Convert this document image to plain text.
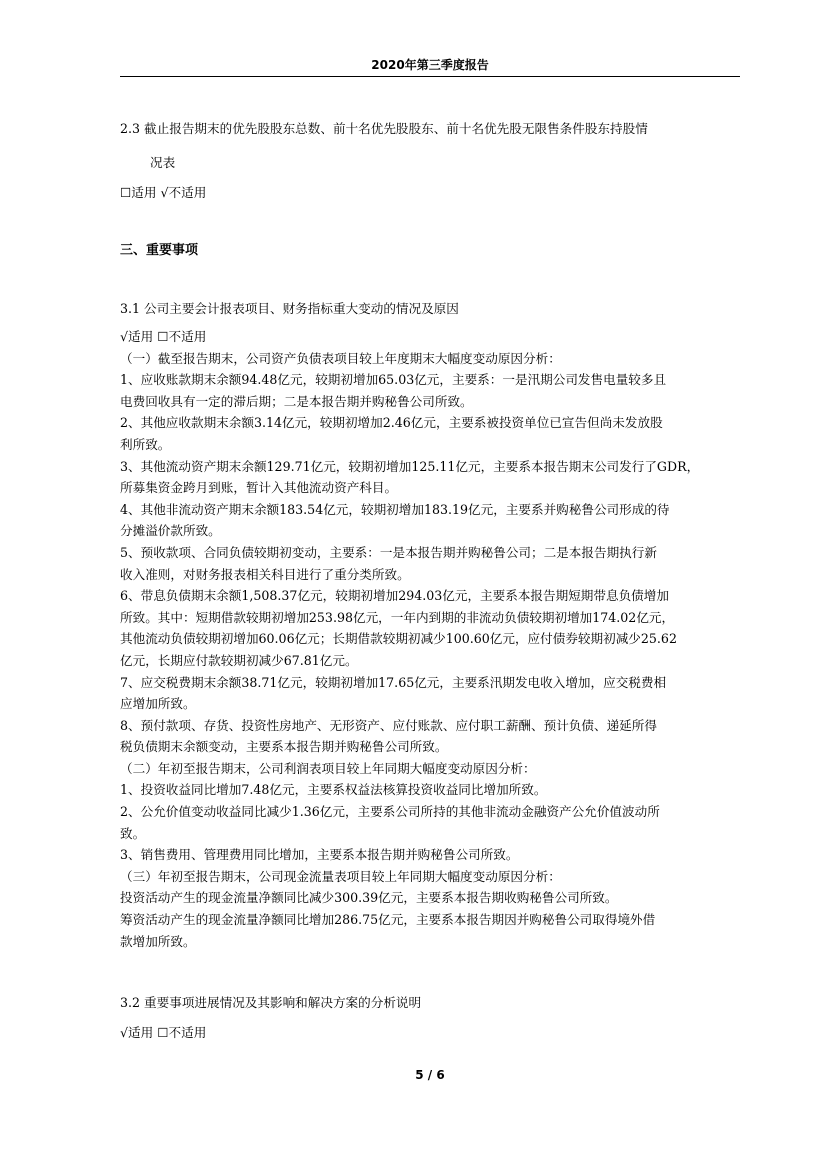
2020年第三季度报告

2.3 截止报告期末的优先股股东总数、前十名优先股股东、前十名优先股无限售条件股东持股情

况表

☐适用 √不适用

三、重要事项

3.1 公司主要会计报表项目、财务指标重大变动的情况及原因

√适用 ☐不适用

（一）截至报告期末，公司资产负债表项目较上年度期末大幅度变动原因分析：

1、应收账款期末余额94.48亿元，较期初增加65.03亿元，主要系：一是汛期公司发售电量较多且

电费回收具有一定的滞后期；二是本报告期并购秘鲁公司所致。

2、其他应收款期末余额3.14亿元，较期初增加2.46亿元，主要系被投资单位已宣告但尚未发放股

利所致。

3、其他流动资产期末余额129.71亿元，较期初增加125.11亿元，主要系本报告期末公司发行了GDR，

所募集资金跨月到账，暂计入其他流动资产科目。

4、其他非流动资产期末余额183.54亿元，较期初增加183.19亿元，主要系并购秘鲁公司形成的待

分摊溢价款所致。

5、预收款项、合同负债较期初变动，主要系：一是本报告期并购秘鲁公司；二是本报告期执行新

收入准则，对财务报表相关科目进行了重分类所致。

6、带息负债期末余额1,508.37亿元，较期初增加294.03亿元，主要系本报告期短期带息负债增加

所致。其中：短期借款较期初增加253.98亿元，一年内到期的非流动负债较期初增加174.02亿元，

其他流动负债较期初增加60.06亿元；长期借款较期初减少100.60亿元，应付债券较期初减少25.62

亿元，长期应付款较期初减少67.81亿元。

7、应交税费期末余额38.71亿元，较期初增加17.65亿元，主要系汛期发电收入增加，应交税费相

应增加所致。

8、预付款项、存货、投资性房地产、无形资产、应付账款、应付职工薪酬、预计负债、递延所得

税负债期末余额变动，主要系本报告期并购秘鲁公司所致。

（二）年初至报告期末，公司利润表项目较上年同期大幅度变动原因分析：

1、投资收益同比增加7.48亿元，主要系权益法核算投资收益同比增加所致。

2、公允价值变动收益同比减少1.36亿元，主要系公司所持的其他非流动金融资产公允价值波动所

致。

3、销售费用、管理费用同比增加，主要系本报告期并购秘鲁公司所致。

（三）年初至报告期末，公司现金流量表项目较上年同期大幅度变动原因分析：

投资活动产生的现金流量净额同比减少300.39亿元，主要系本报告期收购秘鲁公司所致。

筹资活动产生的现金流量净额同比增加286.75亿元，主要系本报告期因并购秘鲁公司取得境外借

款增加所致。

3.2 重要事项进展情况及其影响和解决方案的分析说明

√适用 ☐不适用

5 / 6
